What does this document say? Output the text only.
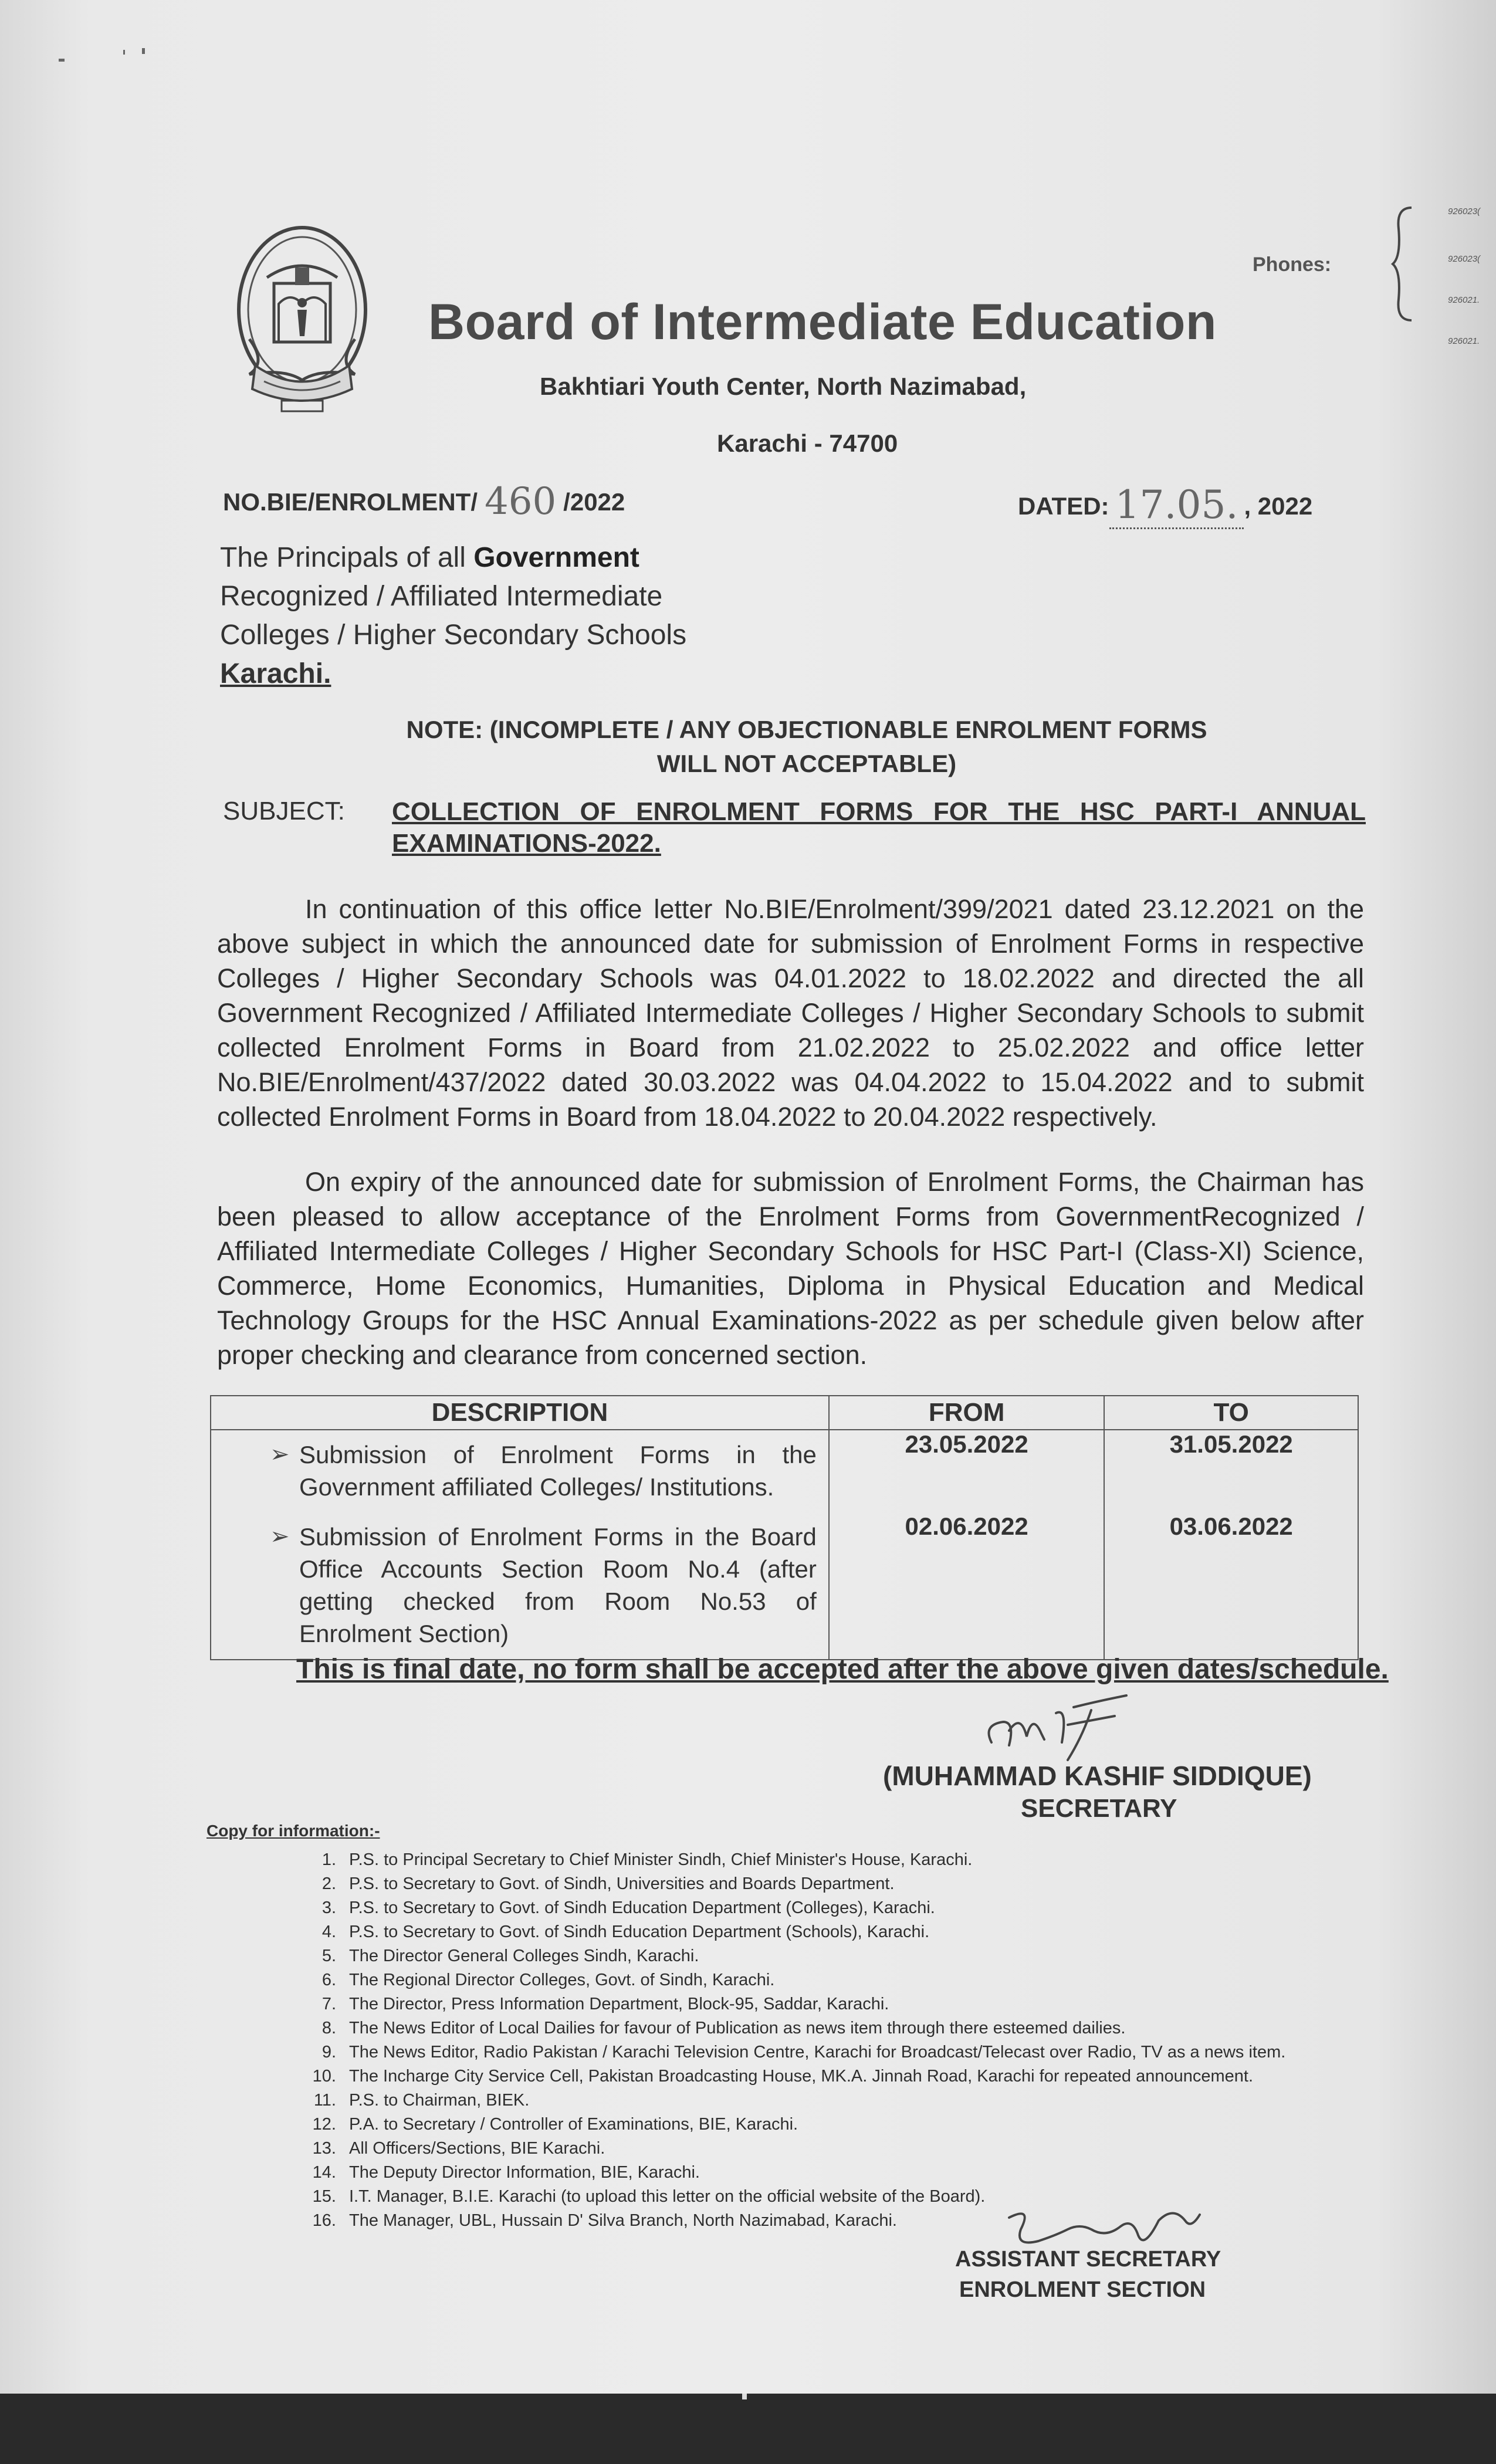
Board of Intermediate Education
Bakhtiari Youth Center, North Nazimabad,
Karachi - 74700
Phones:
926023(
926023(
926021.
926021.
NO.BIE/ENROLMENT/ 460 /2022	DATED: 17.05. , 2022
The Principals of all Government
Recognized / Affiliated Intermediate
Colleges / Higher Secondary Schools
Karachi.
NOTE: (INCOMPLETE / ANY OBJECTIONABLE ENROLMENT FORMS
WILL NOT ACCEPTABLE)
SUBJECT: COLLECTION OF ENROLMENT FORMS FOR THE HSC PART-I ANNUAL
EXAMINATIONS-2022.
In continuation of this office letter No.BIE/Enrolment/399/2021 dated 23.12.2021 on the above subject in which the announced date for submission of Enrolment Forms in respective Colleges / Higher Secondary Schools was 04.01.2022 to 18.02.2022 and directed the all Government Recognized / Affiliated Intermediate Colleges / Higher Secondary Schools to submit collected Enrolment Forms in Board from 21.02.2022 to 25.02.2022 and office letter No.BIE/Enrolment/437/2022 dated 30.03.2022 was 04.04.2022 to 15.04.2022 and to submit collected Enrolment Forms in Board from 18.04.2022 to 20.04.2022 respectively.
On expiry of the announced date for submission of Enrolment Forms, the Chairman has been pleased to allow acceptance of the Enrolment Forms from GovernmentRecognized / Affiliated Intermediate Colleges / Higher Secondary Schools for HSC Part-I (Class-XI) Science, Commerce, Home Economics, Humanities, Diploma in Physical Education and Medical Technology Groups for the HSC Annual Examinations-2022 as per schedule given below after proper checking and clearance from concerned section.
DESCRIPTION	FROM	TO

➢ Submission of Enrolment Forms in the Government affiliated Colleges/ Institutions.	23.05.2022	31.05.2022

➢ Submission of Enrolment Forms in the Board Office Accounts Section Room No.4 (after getting checked from Room No.53 of Enrolment Section)	02.06.2022	03.06.2022
This is final date, no form shall be accepted after the above given dates/schedule.
(MUHAMMAD KASHIF SIDDIQUE)
SECRETARY
Copy for information:-
1. P.S. to Principal Secretary to Chief Minister Sindh, Chief Minister's House, Karachi.
2. P.S. to Secretary to Govt. of Sindh, Universities and Boards Department.
3. P.S. to Secretary to Govt. of Sindh Education Department (Colleges), Karachi.
4. P.S. to Secretary to Govt. of Sindh Education Department (Schools), Karachi.
5. The Director General Colleges Sindh, Karachi.
6. The Regional Director Colleges, Govt. of Sindh, Karachi.
7. The Director, Press Information Department, Block-95, Saddar, Karachi.
8. The News Editor of Local Dailies for favour of Publication as news item through there esteemed dailies.
9. The News Editor, Radio Pakistan / Karachi Television Centre, Karachi for Broadcast/Telecast over Radio, TV as a news item.
10. The Incharge City Service Cell, Pakistan Broadcasting House, MK.A. Jinnah Road, Karachi for repeated announcement.
11. P.S. to Chairman, BIEK.
12. P.A. to Secretary / Controller of Examinations, BIE, Karachi.
13. All Officers/Sections, BIE Karachi.
14. The Deputy Director Information, BIE, Karachi.
15. I.T. Manager, B.I.E. Karachi (to upload this letter on the official website of the Board).
16. The Manager, UBL, Hussain D' Silva Branch, North Nazimabad, Karachi.
ASSISTANT SECRETARY
ENROLMENT SECTION
